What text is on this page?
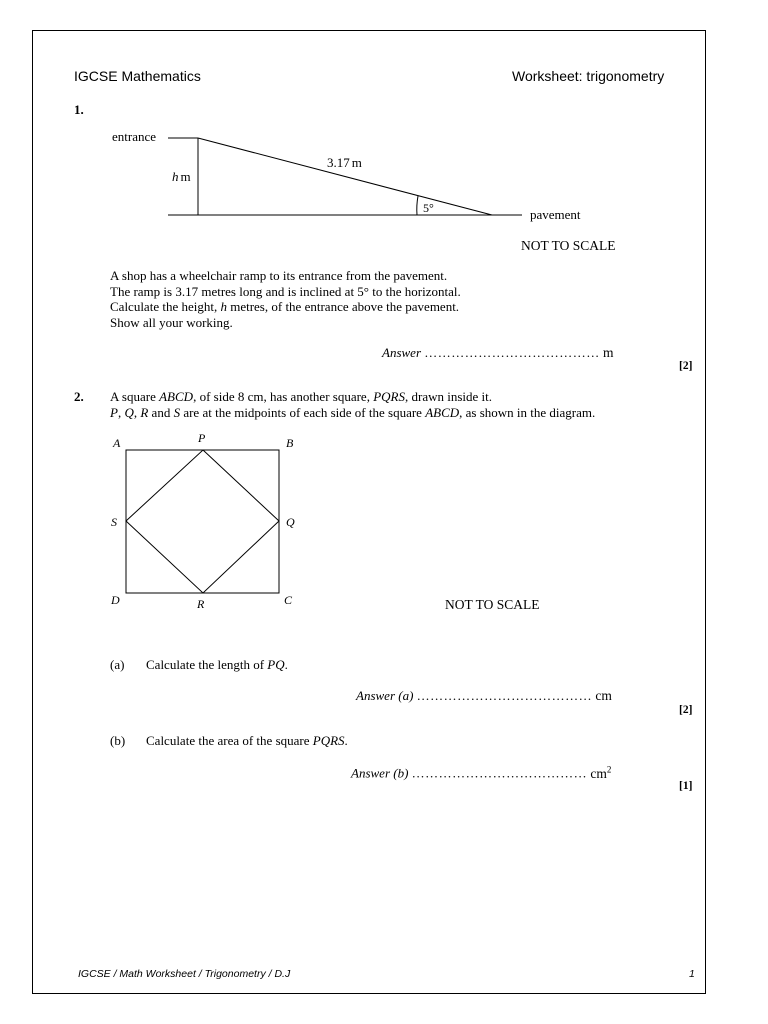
IGCSE Mathematics	Worksheet: trigonometry
1.
entrance
h m
3.17 m
5°	pavement
NOT TO SCALE
A shop has a wheelchair ramp to its entrance from the pavement.
The ramp is 3.17 metres long and is inclined at 5° to the horizontal.
Calculate the height, h metres, of the entrance above the pavement.
Show all your working.
Answer ………………………………… m
[2]
2. A square ABCD, of side 8 cm, has another square, PQRS, drawn inside it.
P, Q, R and S are at the midpoints of each side of the square ABCD, as shown in the diagram.
A	B
C
D
P
Q
R
S
NOT TO SCALE
(a) Calculate the length of PQ.
Answer (a) ………………………………… cm
[2]
(b) Calculate the area of the square PQRS.
Answer (b) ………………………………… $cm^2$
[1]
IGCSE / Math Worksheet / Trigonometry / D.J	1
